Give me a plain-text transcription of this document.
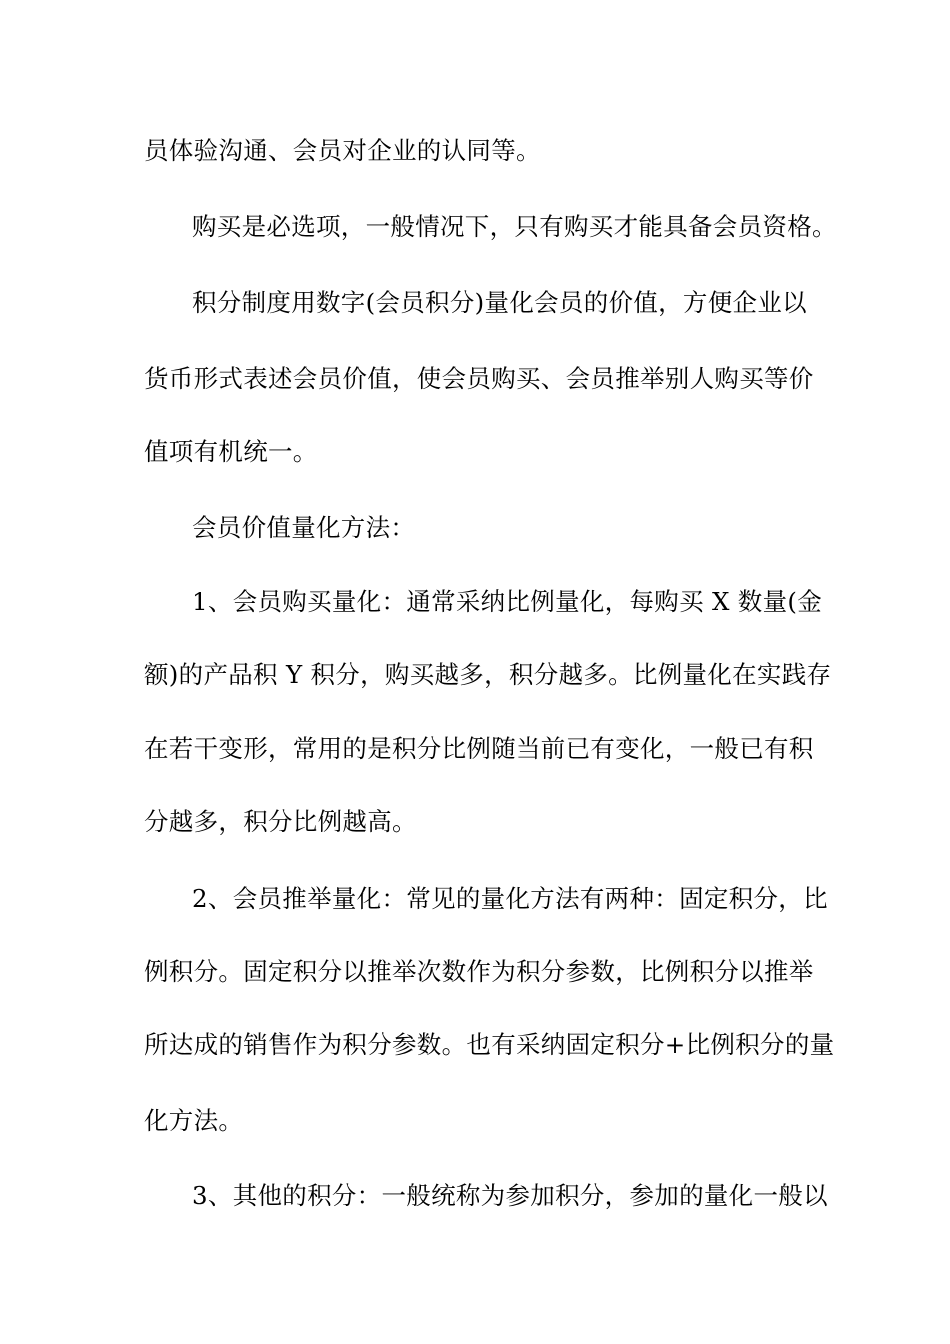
员体验沟通、会员对企业的认同等。
购买是必选项，一般情况下，只有购买才能具备会员资格。
积分制度用数字(会员积分)量化会员的价值，方便企业以
货币形式表述会员价值，使会员购买、会员推举别人购买等价
值项有机统一。
会员价值量化方法：
1、会员购买量化：通常采纳比例量化，每购买 X 数量(金
额)的产品积 Y 积分，购买越多，积分越多。比例量化在实践存
在若干变形，常用的是积分比例随当前已有变化，一般已有积
分越多，积分比例越高。
2、会员推举量化：常见的量化方法有两种：固定积分，比
例积分。固定积分以推举次数作为积分参数，比例积分以推举
所达成的销售作为积分参数。也有采纳固定积分+比例积分的量
化方法。
3、其他的积分：一般统称为参加积分，参加的量化一般以
